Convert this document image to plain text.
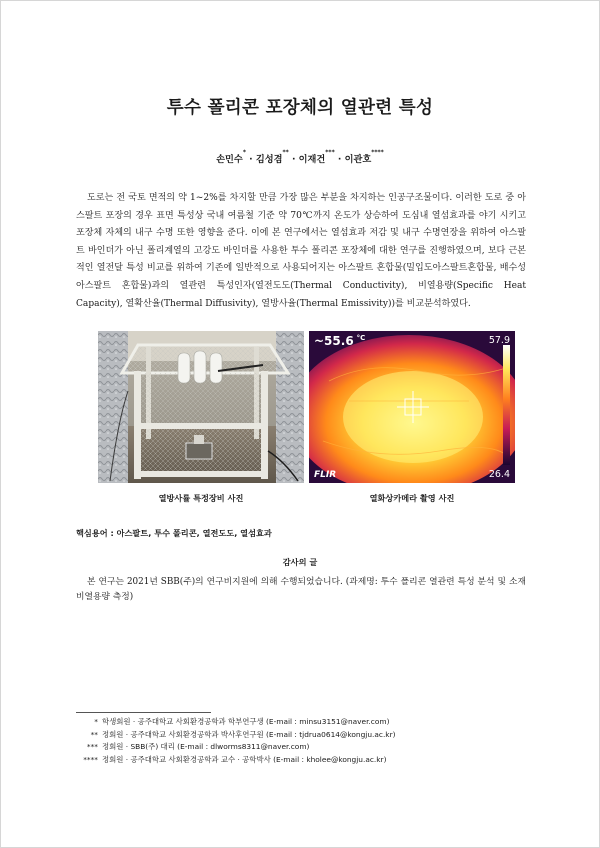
투수 폴리콘 포장체의 열관련 특성
손민수* · 김성겸** · 이재건*** · 이관호****

도로는 전 국토 면적의 약 1~2%를 차지할 만큼 가장 많은 부분을 차지하는 인공구조물이다. 이러한 도로 중 아스팔트 포장의 경우 표면 특성상 국내 여름철 기준 약 70℃까지 온도가 상승하여 도심내 열섬효과를 야기 시키고 포장체 자체의 내구 수명 또한 영향을 준다. 이에 본 연구에서는 열섬효과 저감 및 내구 수명연장을 위하여 아스팔트 바인더가 아닌 폴리계열의 고강도 바인더를 사용한 투수 폴리콘 포장체에 대한 연구를 진행하였으며, 보다 근본적인 열전달 특성 비교를 위하여 기존에 일반적으로 사용되어지는 아스팔트 혼합물(밀입도아스팔트혼합물, 배수성 아스팔트 혼합물)과의 열관련 특성인자(열전도도(Thermal Conductivity), 비열용량(Specific Heat Capacity), 열확산율(Thermal Diffusivity), 열방사율(Thermal Emissivity))를 비교분석하였다.

~55.6 $^{^\circ C}$	57.9
26.4
FLIR
열방사률 특정장비 사진	열화상카메라 촬영 사진
핵심용어 : 아스팔트, 투수 폴리콘, 열전도도, 열섬효과
감사의 글

본 연구는 2021년 SBB(주)의 연구비지원에 의해 수행되었습니다. (과제명: 투수 폴리콘 열관련 특성 분석 및 소재 비열용량 측정)

* 학생회원 · 공주대학교 사회환경공학과 학부연구생 (E-mail : minsu3151@naver.com)
** 정회원 · 공주대학교 사회환경공학과 박사후연구원 (E-mail : tjdrua0614@kongju.ac.kr)
*** 정회원 · SBB(주) 대리 (E-mail : dlworms8311@naver.com)
**** 정회원 · 공주대학교 사회환경공학과 교수 · 공학박사 (E-mail : kholee@kongju.ac.kr)
